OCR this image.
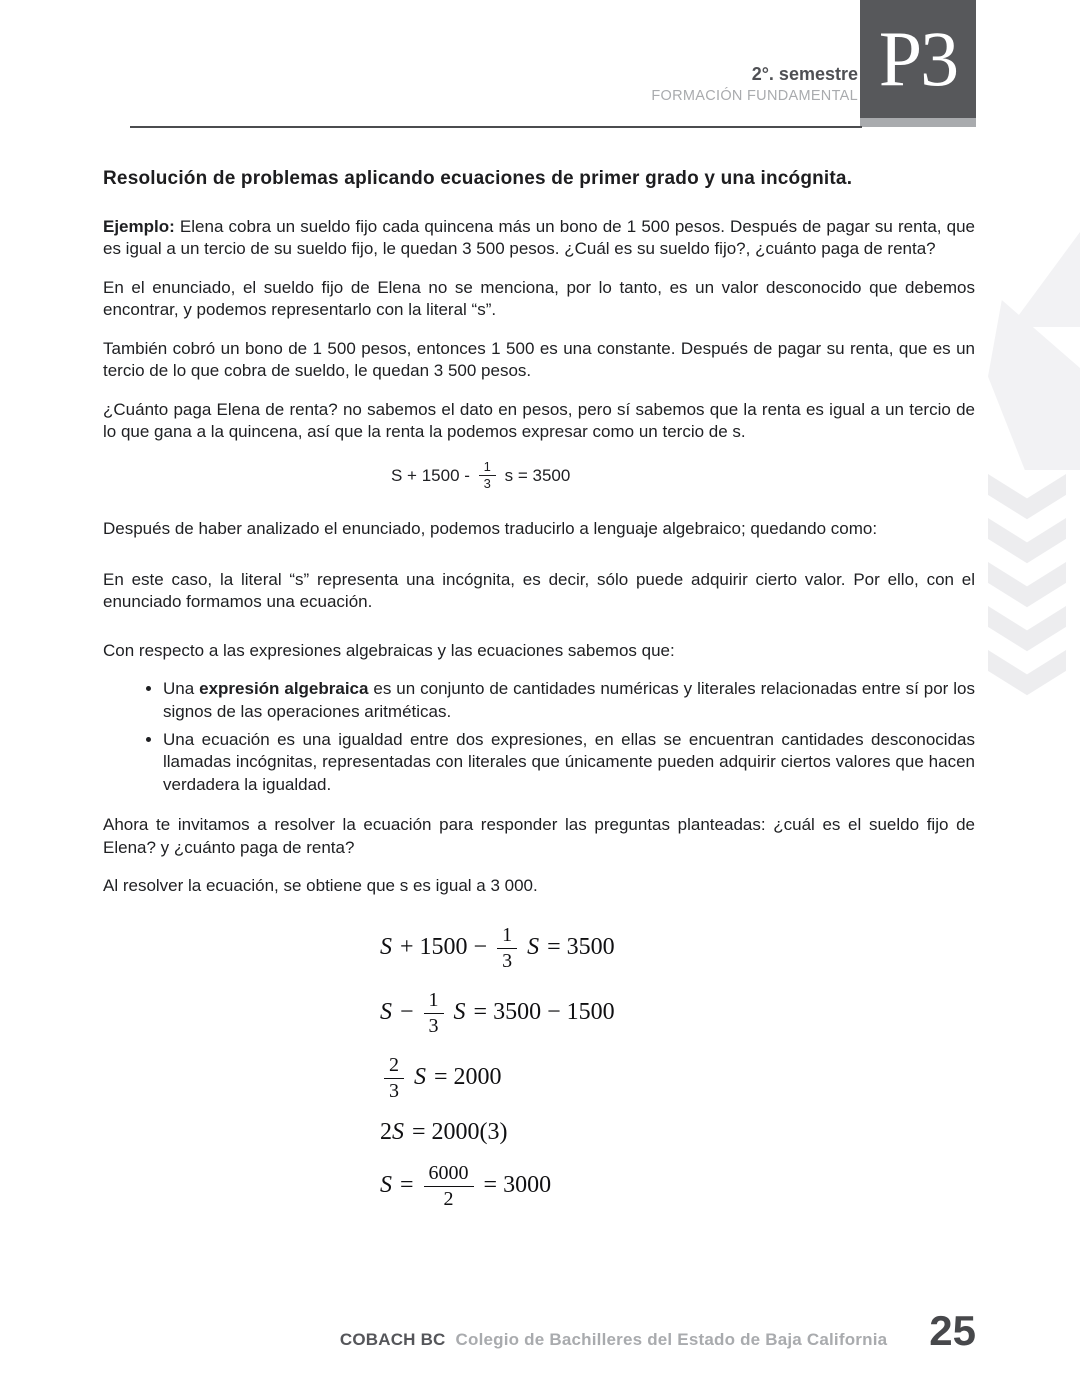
2°. semestre
FORMACIÓN FUNDAMENTAL P3
Resolución de problemas aplicando ecuaciones de primer grado y una incógnita.

Ejemplo: Elena cobra un sueldo fijo cada quincena más un bono de 1 500 pesos. Después de pagar su renta, que es igual a un tercio de su sueldo fijo, le quedan 3 500 pesos. ¿Cuál es su sueldo fijo?, ¿cuánto paga de renta?

En el enunciado, el sueldo fijo de Elena no se menciona, por lo tanto, es un valor desconocido que debemos encontrar, y podemos representarlo con la literal “s”.

También cobró un bono de 1 500 pesos, entonces 1 500 es una constante. Después de pagar su renta, que es un tercio de lo que cobra de sueldo, le quedan 3 500 pesos.

¿Cuánto paga Elena de renta? no sabemos el dato en pesos, pero sí sabemos que la renta es igual a un tercio de lo que gana a la quincena, así que la renta la podemos expresar como un tercio de s.

$S + 1500 - \frac{1}{3}$ s = 3500

Después de haber analizado el enunciado, podemos traducirlo a lenguaje algebraico; quedando como:

En este caso, la literal “s” representa una incógnita, es decir, sólo puede adquirir cierto valor. Por ello, con el enunciado formamos una ecuación.

Con respecto a las expresiones algebraicas y las ecuaciones sabemos que:

• Una expresión algebraica es un conjunto de cantidades numéricas y literales relacionadas entre sí por los signos de las operaciones aritméticas.
• Una ecuación es una igualdad entre dos expresiones, en ellas se encuentran cantidades desconocidas llamadas incógnitas, representadas con literales que únicamente pueden adquirir ciertos valores que hacen verdadera la igualdad.

Ahora te invitamos a resolver la ecuación para responder las preguntas planteadas: ¿cuál es el sueldo fijo de Elena? y ¿cuánto paga de renta?

Al resolver la ecuación, se obtiene que s es igual a 3 000.

$S + 1500 - \frac{1}{3}$ S = 3500
$S - \frac{1}{3}$ S = 3500 − 1500
$\frac{2}{3}$ S = 2000
2S = 2000(3)
$S = \frac{6000}{2} = 3000$
COBACH BC Colegio de Bachilleres del Estado de Baja California 25
